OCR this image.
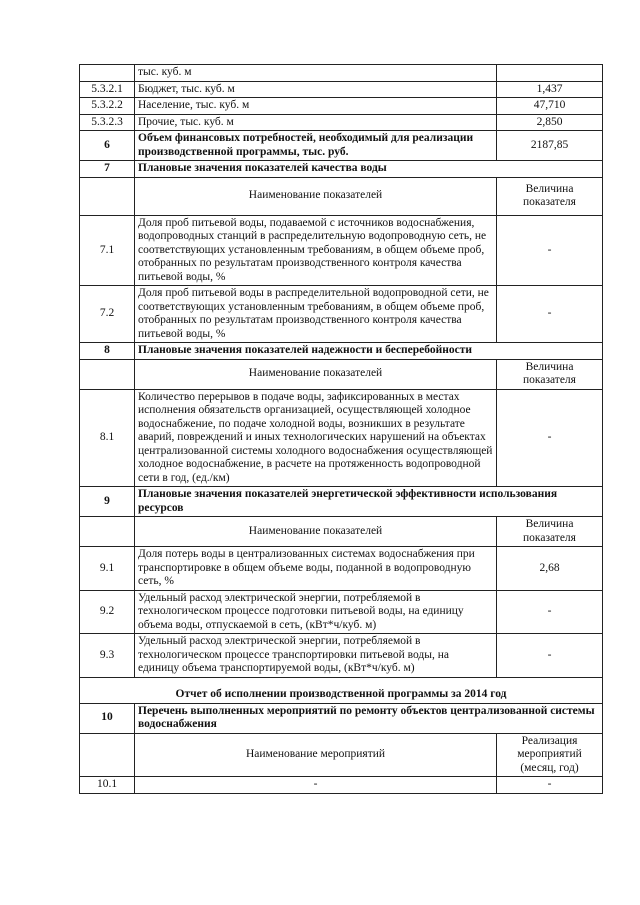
	тыс. куб. м	
5.3.2.1	Бюджет, тыс. куб. м	1,437
5.3.2.2	Население, тыс. куб. м	47,710
5.3.2.3	Прочие, тыс. куб. м	2,850
6	Объем финансовых потребностей, необходимый для реализации производственной программы, тыс. руб.	2187,85
7	Плановые значения показателей качества воды	
	Наименование показателей	Величина показателя
7.1	Доля проб питьевой воды, подаваемой с источников водоснабжения, водопроводных станций в распределительную водопроводную сеть, не соответствующих установленным требованиям, в общем объеме проб, отобранных по результатам производственного контроля качества питьевой воды, %	-
7.2	Доля проб питьевой воды в распределительной водопроводной сети, не соответствующих установленным требованиям, в общем объеме проб, отобранных по результатам производственного контроля качества питьевой воды, %	-
8	Плановые значения показателей надежности и бесперебойности	
	Наименование показателей	Величина показателя
8.1	Количество перерывов в подаче воды, зафиксированных в местах исполнения обязательств организацией, осуществляющей холодное водоснабжение, по подаче холодной воды, возникших в результате аварий, повреждений и иных технологических нарушений на объектах централизованной системы холодного водоснабжения осуществляющей холодное водоснабжение, в расчете на протяженность водопроводной сети в год, (ед./км)	-
9	Плановые значения показателей энергетической эффективности использования ресурсов	
	Наименование показателей	Величина показателя
9.1	Доля потерь воды в централизованных системах водоснабжения при транспортировке в общем объеме воды, поданной в водопроводную сеть, %	2,68
9.2	Удельный расход электрической энергии, потребляемой в технологическом процессе подготовки питьевой воды, на единицу объема воды, отпускаемой в сеть, (кВт*ч/куб. м)	-
9.3	Удельный расход электрической энергии, потребляемой в технологическом процессе транспортировки питьевой воды, на единицу объема транспортируемой воды, (кВт*ч/куб. м)	-
Отчет об исполнении производственной программы за 2014 год		
10	Перечень выполненных мероприятий по ремонту объектов централизованной системы водоснабжения	
	Наименование мероприятий	Реализация мероприятий (месяц, год)
10.1	-	-
